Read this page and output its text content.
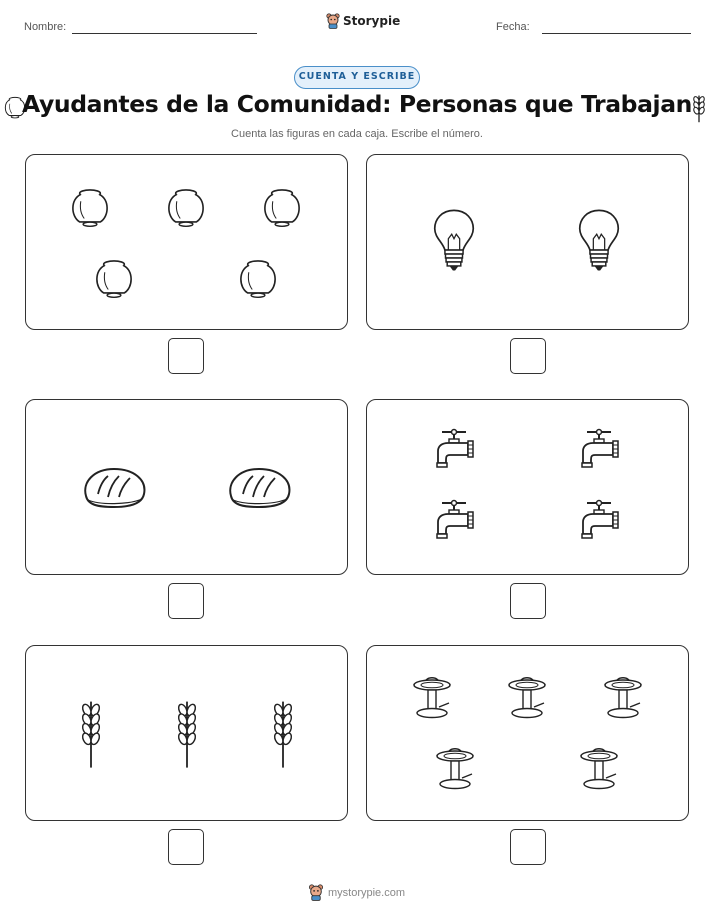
Nombre:	Storypie	Fecha:
CUENTA Y ESCRIBE
Ayudantes de la Comunidad: Personas que Trabajan
Cuenta las figuras en cada caja. Escribe el número.
mystorypie.com
